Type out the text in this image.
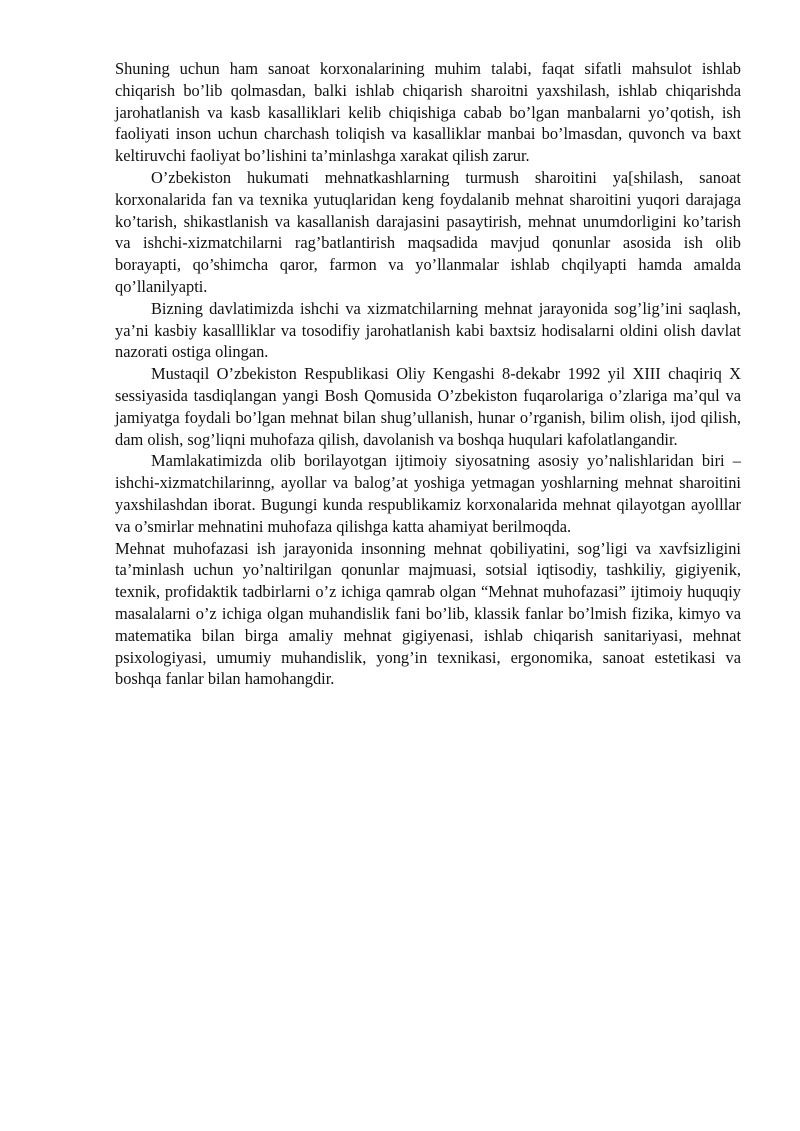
Shuning uchun ham sanoat korxonalarining muhim talabi, faqat sifatli mahsulot ishlab chiqarish bo’lib qolmasdan, balki ishlab chiqarish sharoitni yaxshilash, ishlab chiqarishda jarohatlanish va kasb kasalliklari kelib chiqishiga cabab bo’lgan manbalarni yo’qotish, ish faoliyati inson uchun charchash toliqish va kasalliklar manbai bo’lmasdan, quvonch va baxt keltiruvchi faoliyat bo’lishini ta’minlashga xarakat qilish zarur.

O’zbekiston hukumati mehnatkashlarning turmush sharoitini ya[shilash, sanoat korxonalarida fan va texnika yutuqlaridan keng foydalanib mehnat sharoitini yuqori darajaga ko’tarish, shikastlanish va kasallanish darajasini pasaytirish, mehnat unumdorligini ko’tarish va ishchi-xizmatchilarni rag’batlantirish maqsadida mavjud qonunlar asosida ish olib borayapti, qo’shimcha qaror, farmon va yo’llanmalar ishlab chqilyapti hamda amalda qo’llanilyapti.

Bizning davlatimizda ishchi va xizmatchilarning mehnat jarayonida sog’lig’ini saqlash, ya’ni kasbiy kasallliklar va tosodifiy jarohatlanish kabi baxtsiz hodisalarni oldini olish davlat nazorati ostiga olingan.

Mustaqil O’zbekiston Respublikasi Oliy Kengashi 8-dekabr 1992 yil XIII chaqiriq X sessiyasida tasdiqlangan yangi Bosh Qomusida O’zbekiston fuqarolariga o’zlariga ma’qul va jamiyatga foydali bo’lgan mehnat bilan shug’ullanish, hunar o’rganish, bilim olish, ijod qilish, dam olish, sog’liqni muhofaza qilish, davolanish va boshqa huqulari kafolatlangandir.

Mamlakatimizda olib borilayotgan ijtimoiy siyosatning asosiy yo’nalishlaridan biri – ishchi-xizmatchilarinng, ayollar va balog’at yoshiga yetmagan yoshlarning mehnat sharoitini yaxshilashdan iborat. Bugungi kunda respublikamiz korxonalarida mehnat qilayotgan ayolllar va o’smirlar mehnatini muhofaza qilishga katta ahamiyat berilmoqda.

Mehnat muhofazasi ish jarayonida insonning mehnat qobiliyatini, sog’ligi va xavfsizligini ta’minlash uchun yo’naltirilgan qonunlar majmuasi, sotsial iqtisodiy, tashkiliy, gigiyenik, texnik, profidaktik tadbirlarni o’z ichiga qamrab olgan “Mehnat muhofazasi” ijtimoiy huquqiy masalalarni o’z ichiga olgan muhandislik fani bo’lib, klassik fanlar bo’lmish fizika, kimyo va matematika bilan birga amaliy mehnat gigiyenasi, ishlab chiqarish sanitariyasi, mehnat psixologiyasi, umumiy muhandislik, yong’in texnikasi, ergonomika, sanoat estetikasi va boshqa fanlar bilan hamohangdir.
